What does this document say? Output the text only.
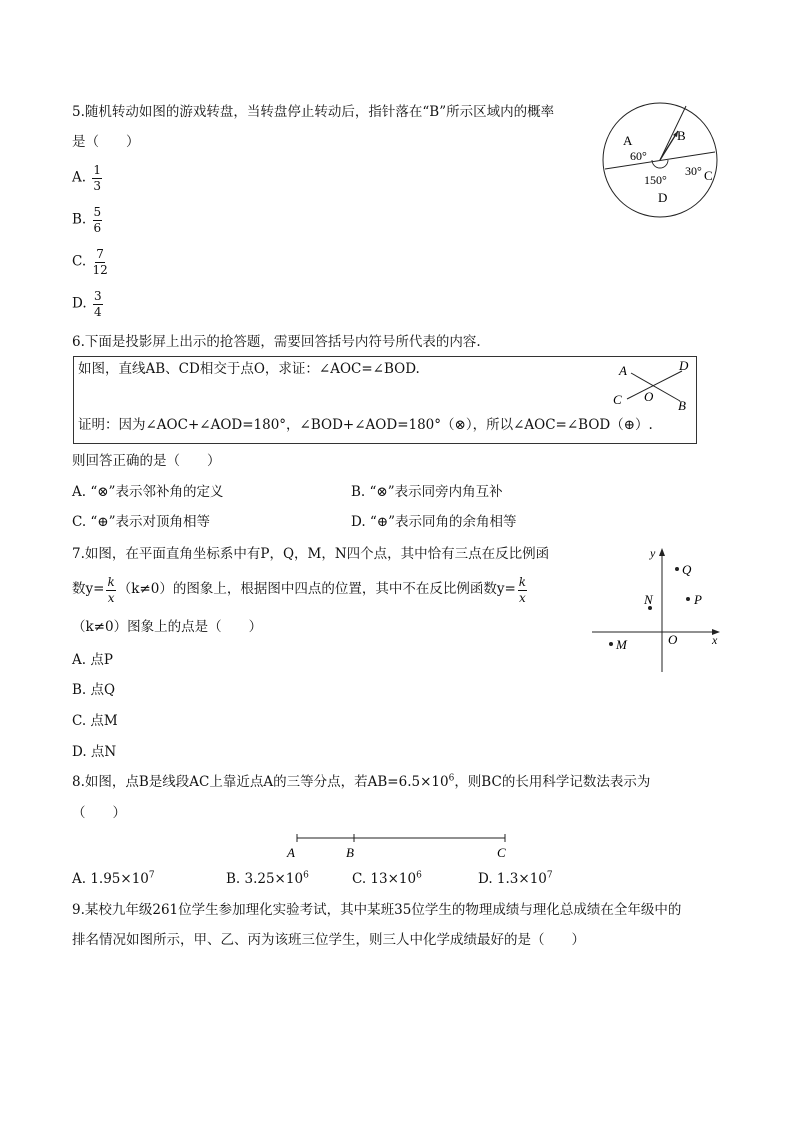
5.随机转动如图的游戏转盘，当转盘停止转动后，指针落在“B”所示区域内的概率
是（　　）
A. $\frac{1}{3}$
B. $\frac{5}{6}$
C. $\frac{7}{12}$
D. $\frac{3}{4}$
A	B
C
D
60°
30°
150°
6.下面是投影屏上出示的抢答题，需要回答括号内符号所代表的内容.
如图，直线AB、CD相交于点O，求证：∠AOC=∠BOD.
证明：因为∠AOC+∠AOD=180°，∠BOD+∠AOD=180°（⊗），所以∠AOC=∠BOD（⊕）.
A	D
C	B
O
则回答正确的是（　　）
A. “⊗”表示邻补角的定义	B. “⊗”表示同旁内角互补
C. “⊕”表示对顶角相等	D. “⊕”表示同角的余角相等
7.如图，在平面直角坐标系中有P，Q，M，N四个点，其中恰有三点在反比例函
数$y= \frac{k}{x} (k\ne 0)$的图象上，根据图中四点的位置，其中不在反比例函数$y= \frac{k}{x}$
（k≠0）图象上的点是（　　）
A. 点P
B. 点Q
C. 点M
D. 点N
y
x
O
Q
P
N
M
8.如图，点B是线段AC上靠近点A的三等分点，若$AB=6.5\times 10^6$，则BC的长用科学记数法表示为
（　　）
A	B	C
A. $1.95\times 10^7$	B. $3.25\times 10^6$	C. $13\times 10^6$	D. $1.3\times 10^7$
9.某校九年级261位学生参加理化实验考试，其中某班35位学生的物理成绩与理化总成绩在全年级中的
排名情况如图所示，甲、乙、丙为该班三位学生，则三人中化学成绩最好的是（　　）
